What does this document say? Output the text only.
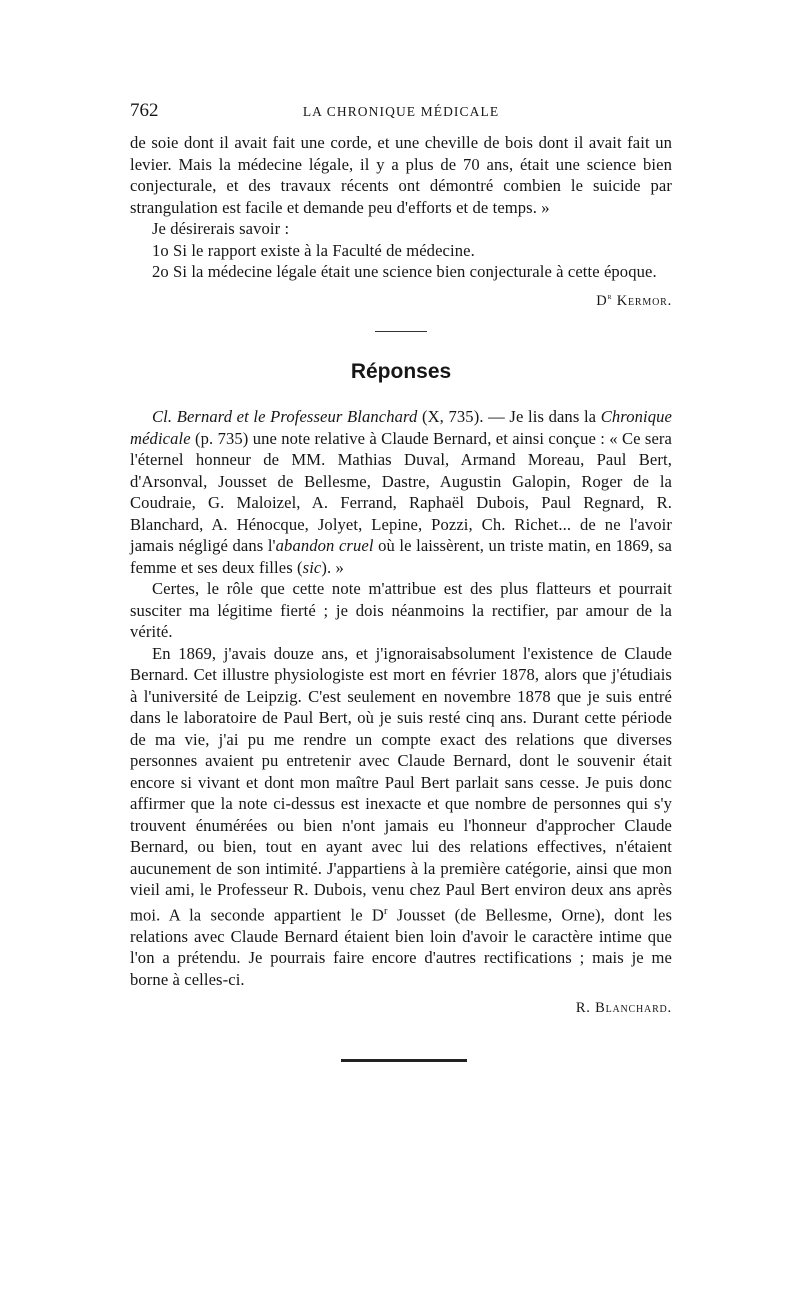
762	LA CHRONIQUE MÉDICALE

de soie dont il avait fait une corde, et une cheville de bois dont il avait fait un levier. Mais la médecine légale, il y a plus de 70 ans, était une science bien conjecturale, et des travaux récents ont démontré combien le suicide par strangulation est facile et demande peu d'efforts et de temps. »

Je désirerais savoir :

1o Si le rapport existe à la Faculté de médecine.

2o Si la médecine légale était une science bien conjecturale à cette époque.

$D^r$ Kermor.

Réponses

Cl. Bernard et le Professeur Blanchard (X, 735). — Je lis dans la Chronique médicale (p. 735) une note relative à Claude Bernard, et ainsi conçue : « Ce sera l'éternel honneur de MM. Mathias Duval, Armand Moreau, Paul Bert, d'Arsonval, Jousset de Bellesme, Dastre, Augustin Galopin, Roger de la Coudraie, G. Maloizel, A. Ferrand, Raphaël Dubois, Paul Regnard, R. Blanchard, A. Hénocque, Jolyet, Lepine, Pozzi, Ch. Richet... de ne l'avoir jamais négligé dans l'abandon cruel où le laissèrent, un triste matin, en 1869, sa femme et ses deux filles (sic). »

Certes, le rôle que cette note m'attribue est des plus flatteurs et pourrait susciter ma légitime fierté ; je dois néanmoins la rectifier, par amour de la vérité.

En 1869, j'avais douze ans, et j'ignoraisabsolument l'existence de Claude Bernard. Cet illustre physiologiste est mort en février 1878, alors que j'étudiais à l'université de Leipzig. C'est seulement en novembre 1878 que je suis entré dans le laboratoire de Paul Bert, où je suis resté cinq ans. Durant cette période de ma vie, j'ai pu me rendre un compte exact des relations que diverses personnes avaient pu entretenir avec Claude Bernard, dont le souvenir était encore si vivant et dont mon maître Paul Bert parlait sans cesse. Je puis donc affirmer que la note ci-dessus est inexacte et que nombre de personnes qui s'y trouvent énumérées ou bien n'ont jamais eu l'honneur d'approcher Claude Bernard, ou bien, tout en ayant avec lui des relations effectives, n'étaient aucunement de son intimité. J'appartiens à la première catégorie, ainsi que mon vieil ami, le Professeur R. Dubois, venu chez Paul Bert environ deux ans après moi. A la seconde appartient le $D^r$ Jousset (de Bellesme, Orne), dont les relations avec Claude Bernard étaient bien loin d'avoir le caractère intime que l'on a prétendu. Je pourrais faire encore d'autres rectifications ; mais je me borne à celles-ci.

R. Blanchard.
